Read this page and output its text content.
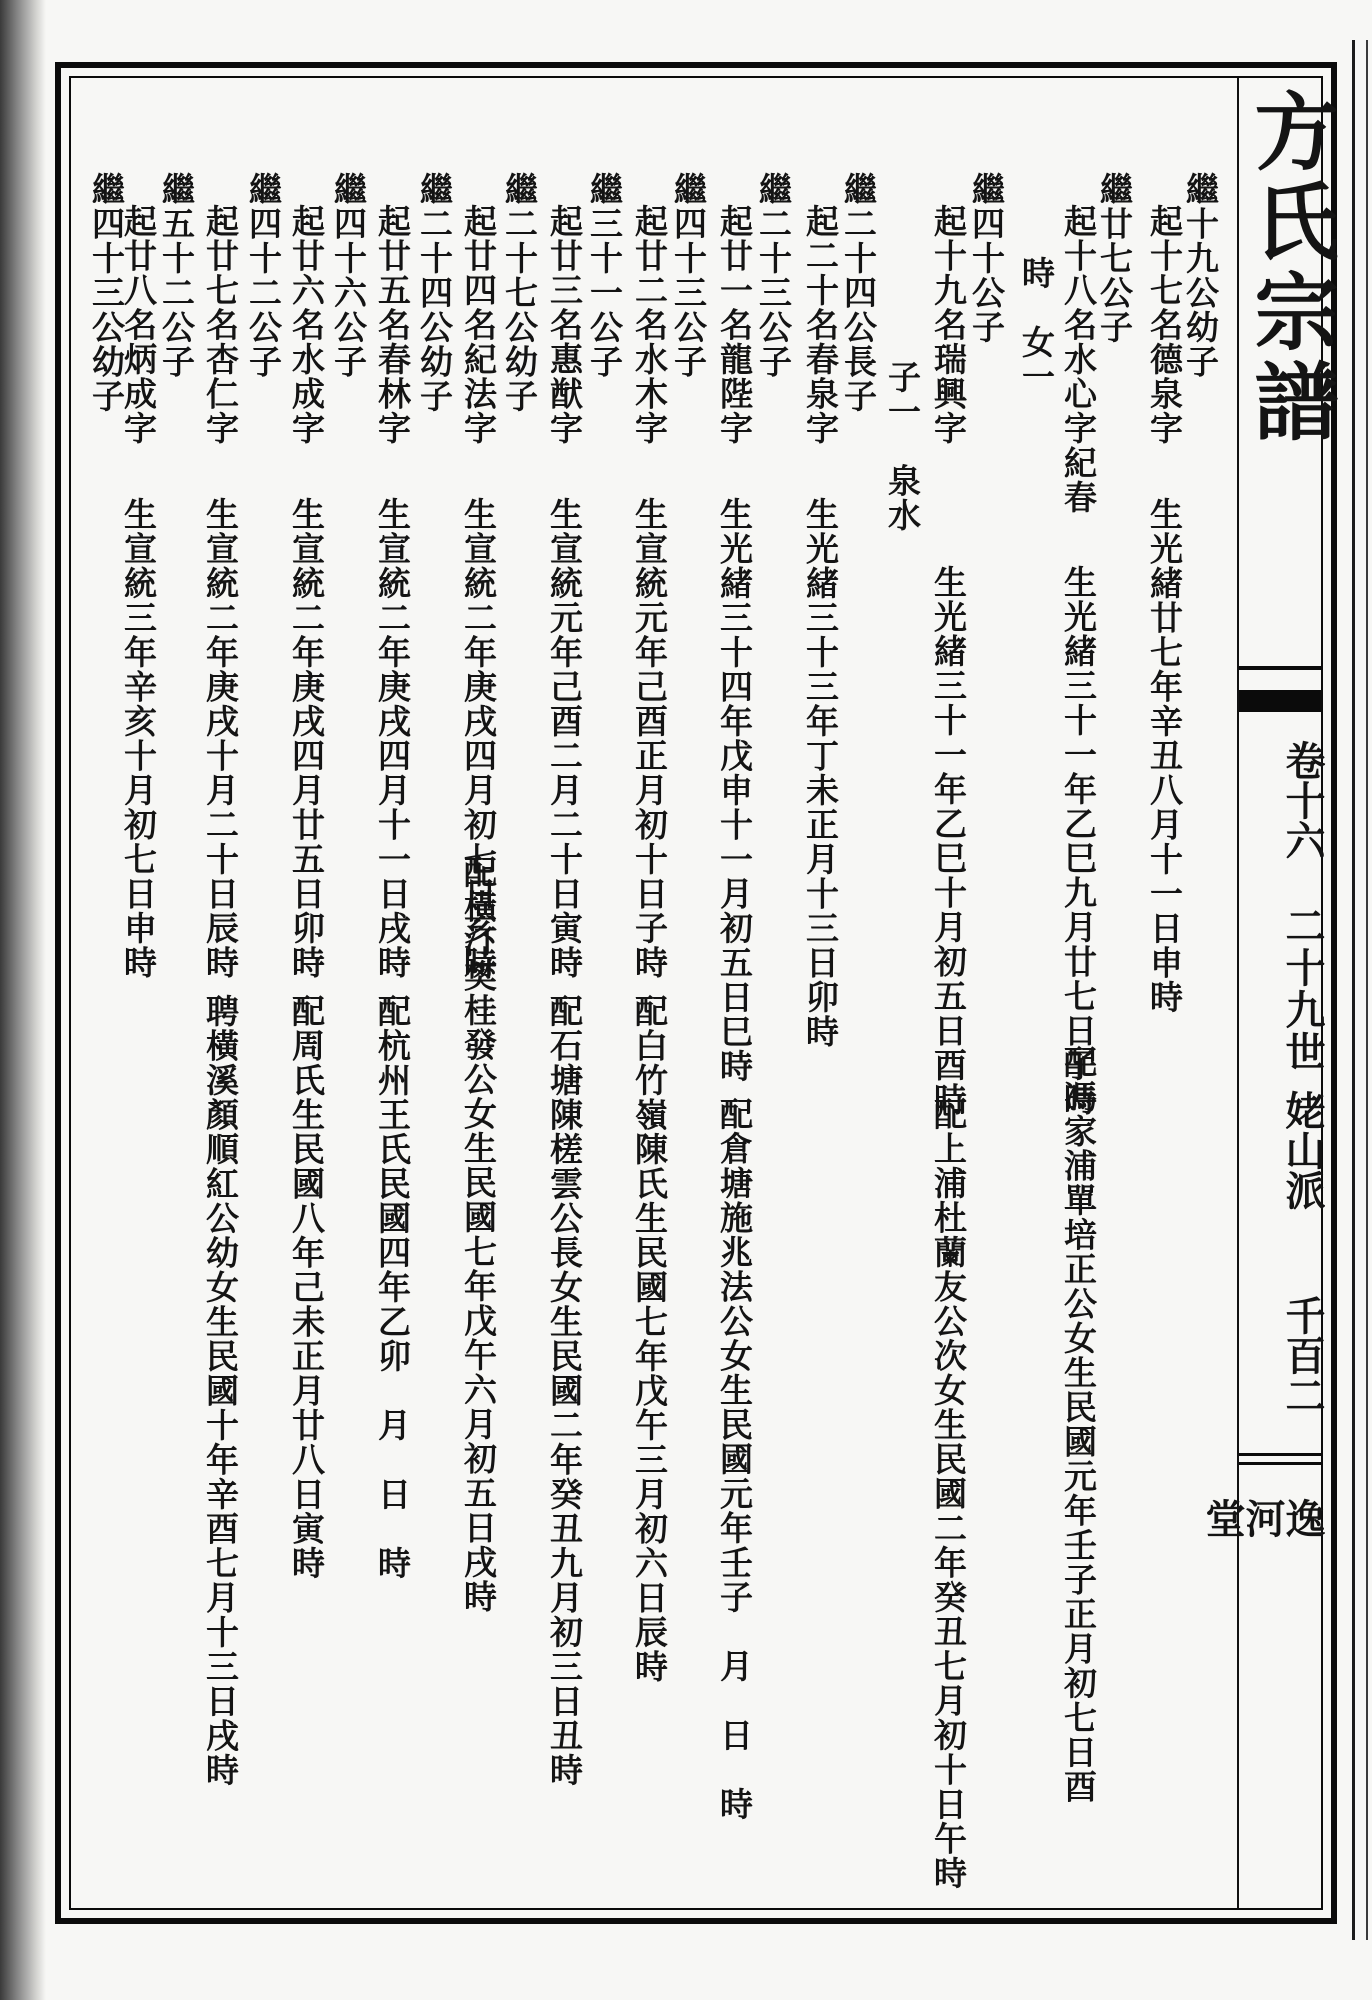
方氏宗譜
卷十六
二十九世
姥山派
千百二
逸
河
堂
繼十九公幼子
起十七名德泉字
生光緒廿七年辛丑八月十一日申時
繼廿七公子
起十八名水心字紀春
生光緒三十一年乙巳九月廿七日子時
配馮家浦單培正公女生民國元年壬子正月初七日酉
時　女一
繼四十公子
起十九名瑞興字
生光緒三十一年乙巳十月初五日酉時
配上浦杜蘭友公次女生民國二年癸丑七月初十日午時
子一　泉水
繼二十四公長子
起二十名春泉字
生光緒三十三年丁未正月十三日卯時
繼二十三公子
起廿一名龍陛字
生光緒三十四年戊申十一月初五日巳時
配倉塘施兆法公女生民國元年壬子　月　日　時
繼四十三公子
起廿二名水木字
生宣統元年己酉正月初十日子時
配白竹嶺陳氏生民國七年戊午三月初六日辰時
繼三十一公子
起廿三名惠猷字
生宣統元年己酉二月二十日寅時
配石塘陳槎雲公長女生民國二年癸丑九月初三日丑時
繼二十七公幼子
起廿四名紀法字
生宣統二年庚戌四月初七日亥時
配橫汀樊桂發公女生民國七年戊午六月初五日戌時
繼二十四公幼子
起廿五名春林字
生宣統二年庚戌四月十一日戌時
配杭州王氏民國四年乙卯　月　日　時
繼四十六公子
起廿六名水成字
生宣統二年庚戌四月廿五日卯時
配周氏生民國八年己未正月廿八日寅時
繼四十二公子
起廿七名杏仁字
生宣統二年庚戌十月二十日辰時
聘橫溪顏順紅公幼女生民國十年辛酉七月十三日戌時
繼五十二公子
起廿八名炳成字
生宣統三年辛亥十月初七日申時
繼四十三公幼子
